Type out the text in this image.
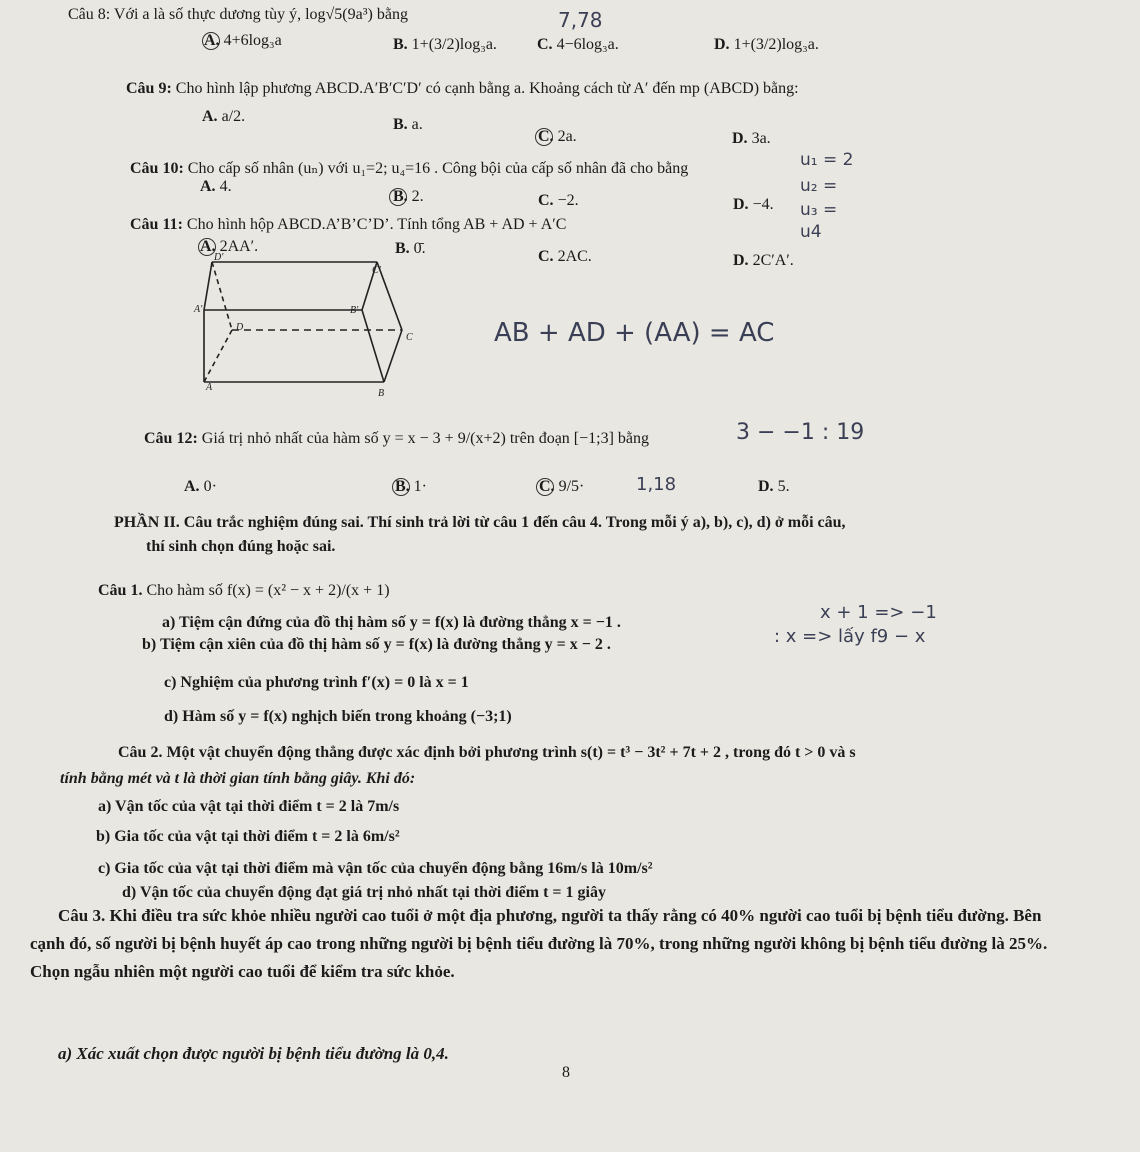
Câu 8: Với a là số thực dương tùy ý, log√5(9a³) bằng	7,78
A. 4+6log₃a	B. 1+(3/2)log₃a.	C. 4−6log₃a.	D. 1+(3/2)log₃a.
Câu 9: Cho hình lập phương ABCD.A′B′C′D′ có cạnh bằng a. Khoảng cách từ A′ đến mp (ABCD) bằng:
A. a/2.	B. a.
C. 2a.	D. 3a.
Câu 10: Cho cấp số nhân (uₙ) với u₁=2; u₄=16 . Công bội của cấp số nhân đã cho bằng	u₁ = 2
u₂ =
u₃ =
u4
A. 4.
B. 2.	C. −2.	D. −4.
Câu 11: Cho hình hộp ABCD.A’B’C’D’. Tính tổng AB + AD + A′C
A. 2AA′.	B. 0̄.	C. 2AC.	D. 2C′A′.
D'
C'
A'	B'
D
C
A
B
AB + AD + (AA) = AC
Câu 12: Giá trị nhỏ nhất của hàm số y = x − 3 + 9/(x+2) trên đoạn [−1;3] bằng	3 − −1 : 19
A. 0·	B. 1·	C. 9/5·	1,18	D. 5.
PHẦN II. Câu trắc nghiệm đúng sai. Thí sinh trả lời từ câu 1 đến câu 4. Trong mỗi ý a), b), c), d) ở mỗi câu,
thí sinh chọn đúng hoặc sai.
Câu 1. Cho hàm số f(x) = (x² − x + 2)/(x + 1)
a) Tiệm cận đứng của đồ thị hàm số y = f(x) là đường thẳng x = −1 .	x + 1 => −1
b) Tiệm cận xiên của đồ thị hàm số y = f(x) là đường thẳng y = x − 2 .	: x => lấy f9 − x
c) Nghiệm của phương trình f′(x) = 0 là x = 1
d) Hàm số y = f(x) nghịch biến trong khoảng (−3;1)
Câu 2. Một vật chuyển động thẳng được xác định bởi phương trình s(t) = t³ − 3t² + 7t + 2 , trong đó t > 0 và s
tính bằng mét và t là thời gian tính bằng giây. Khi đó:
a) Vận tốc của vật tại thời điểm t = 2 là 7m/s
b) Gia tốc của vật tại thời điểm t = 2 là 6m/s²
c) Gia tốc của vật tại thời điểm mà vận tốc của chuyển động bằng 16m/s là 10m/s²
d) Vận tốc của chuyển động đạt giá trị nhỏ nhất tại thời điểm t = 1 giây
Câu 3. Khi điều tra sức khỏe nhiều người cao tuổi ở một địa phương, người ta thấy rằng có 40% người cao tuổi bị bệnh tiểu đường. Bên cạnh đó, số người bị bệnh huyết áp cao trong những người bị bệnh tiểu đường là 70%, trong những người không bị bệnh tiểu đường là 25%. Chọn ngẫu nhiên một người cao tuổi để kiểm tra sức khỏe.
a) Xác xuất chọn được người bị bệnh tiểu đường là 0,4.
8
